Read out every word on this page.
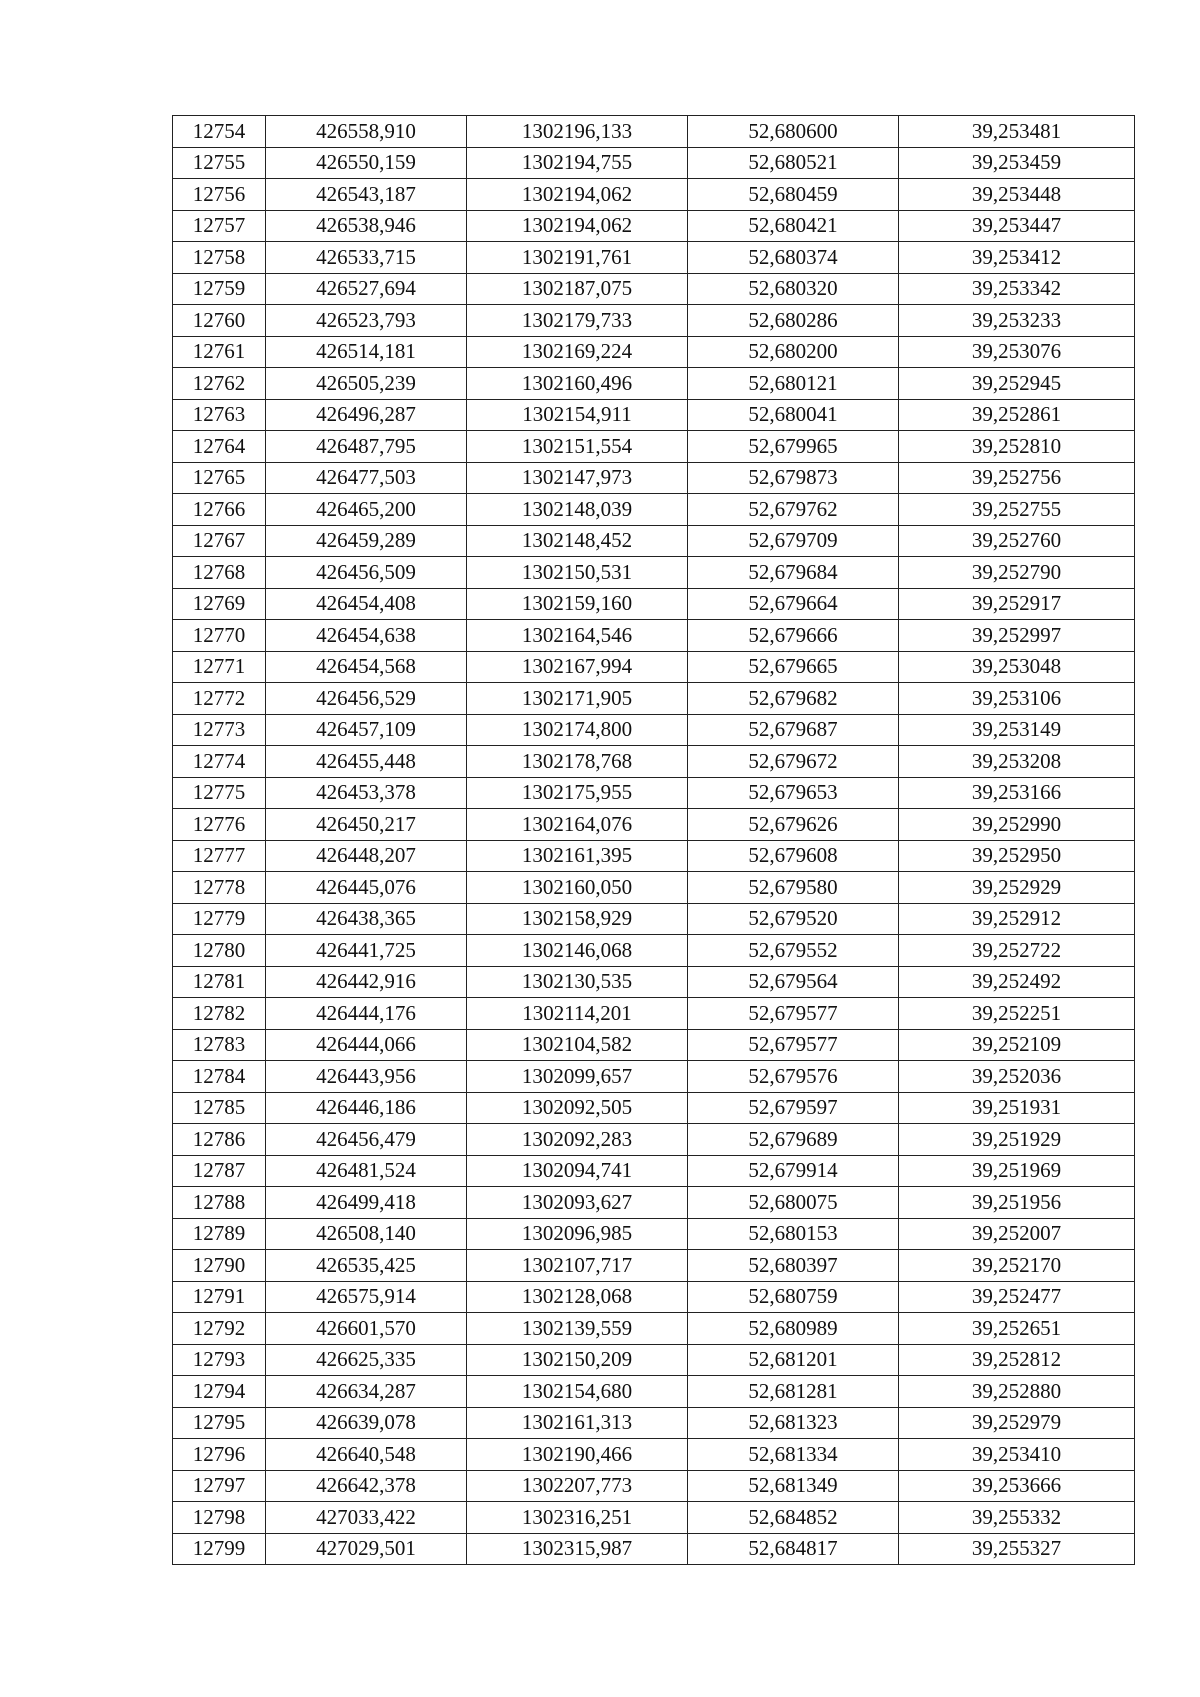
12754	426558,910	1302196,133	52,680600	39,253481
12755	426550,159	1302194,755	52,680521	39,253459
12756	426543,187	1302194,062	52,680459	39,253448
12757	426538,946	1302194,062	52,680421	39,253447
12758	426533,715	1302191,761	52,680374	39,253412
12759	426527,694	1302187,075	52,680320	39,253342
12760	426523,793	1302179,733	52,680286	39,253233
12761	426514,181	1302169,224	52,680200	39,253076
12762	426505,239	1302160,496	52,680121	39,252945
12763	426496,287	1302154,911	52,680041	39,252861
12764	426487,795	1302151,554	52,679965	39,252810
12765	426477,503	1302147,973	52,679873	39,252756
12766	426465,200	1302148,039	52,679762	39,252755
12767	426459,289	1302148,452	52,679709	39,252760
12768	426456,509	1302150,531	52,679684	39,252790
12769	426454,408	1302159,160	52,679664	39,252917
12770	426454,638	1302164,546	52,679666	39,252997
12771	426454,568	1302167,994	52,679665	39,253048
12772	426456,529	1302171,905	52,679682	39,253106
12773	426457,109	1302174,800	52,679687	39,253149
12774	426455,448	1302178,768	52,679672	39,253208
12775	426453,378	1302175,955	52,679653	39,253166
12776	426450,217	1302164,076	52,679626	39,252990
12777	426448,207	1302161,395	52,679608	39,252950
12778	426445,076	1302160,050	52,679580	39,252929
12779	426438,365	1302158,929	52,679520	39,252912
12780	426441,725	1302146,068	52,679552	39,252722
12781	426442,916	1302130,535	52,679564	39,252492
12782	426444,176	1302114,201	52,679577	39,252251
12783	426444,066	1302104,582	52,679577	39,252109
12784	426443,956	1302099,657	52,679576	39,252036
12785	426446,186	1302092,505	52,679597	39,251931
12786	426456,479	1302092,283	52,679689	39,251929
12787	426481,524	1302094,741	52,679914	39,251969
12788	426499,418	1302093,627	52,680075	39,251956
12789	426508,140	1302096,985	52,680153	39,252007
12790	426535,425	1302107,717	52,680397	39,252170
12791	426575,914	1302128,068	52,680759	39,252477
12792	426601,570	1302139,559	52,680989	39,252651
12793	426625,335	1302150,209	52,681201	39,252812
12794	426634,287	1302154,680	52,681281	39,252880
12795	426639,078	1302161,313	52,681323	39,252979
12796	426640,548	1302190,466	52,681334	39,253410
12797	426642,378	1302207,773	52,681349	39,253666
12798	427033,422	1302316,251	52,684852	39,255332
12799	427029,501	1302315,987	52,684817	39,255327
